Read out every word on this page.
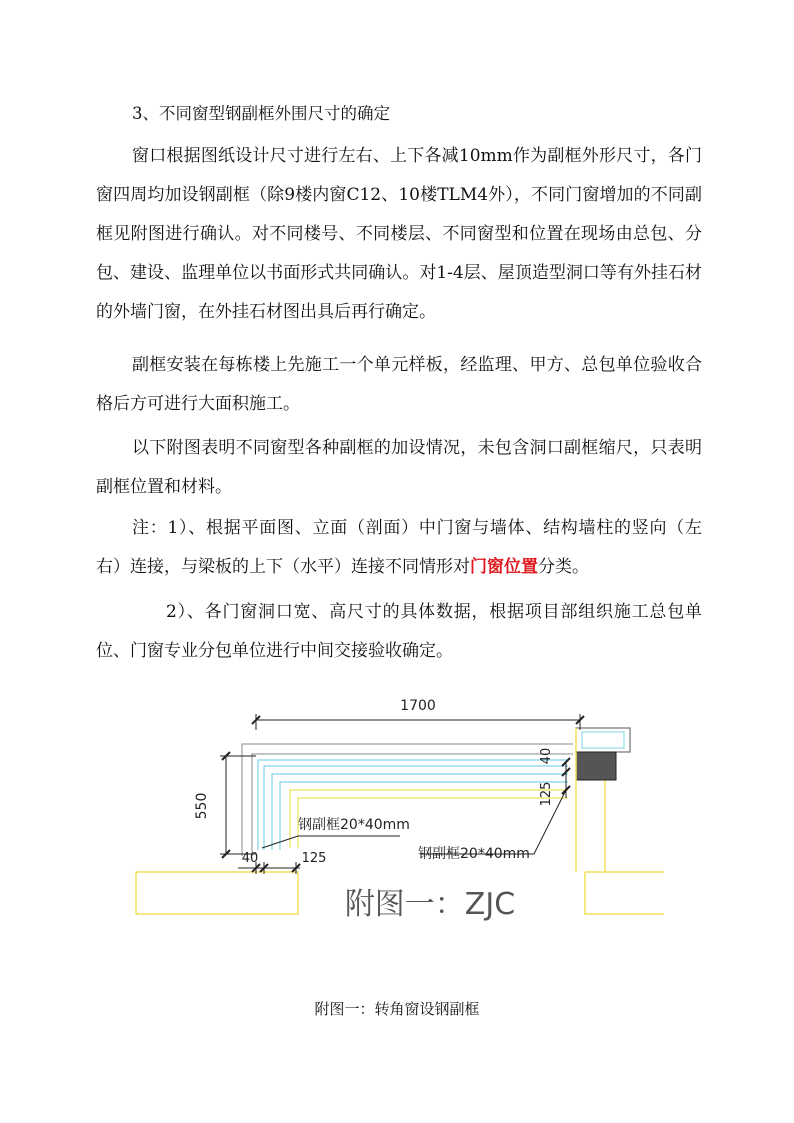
3、不同窗型钢副框外围尺寸的确定
窗口根据图纸设计尺寸进行左右、上下各减10mm作为副框外形尺寸，各门窗四周均加设钢副框（除9楼内窗C12、10楼TLM4外），不同门窗增加的不同副框见附图进行确认。对不同楼号、不同楼层、不同窗型和位置在现场由总包、分包、建设、监理单位以书面形式共同确认。对1-4层、屋顶造型洞口等有外挂石材的外墙门窗，在外挂石材图出具后再行确定。
副框安装在每栋楼上先施工一个单元样板，经监理、甲方、总包单位验收合格后方可进行大面积施工。
以下附图表明不同窗型各种副框的加设情况，未包含洞口副框缩尺，只表明副框位置和材料。
注：1）、根据平面图、立面（剖面）中门窗与墙体、结构墙柱的竖向（左右）连接，与梁板的上下（水平）连接不同情形对门窗位置分类。
2）、各门窗洞口宽、高尺寸的具体数据，根据项目部组织施工总包单位、门窗专业分包单位进行中间交接验收确定。
1700
550
40
125
40	125
钢副框20*40mm
钢副框20*40mm
附图一：ZJC
附图一：转角窗设钢副框
